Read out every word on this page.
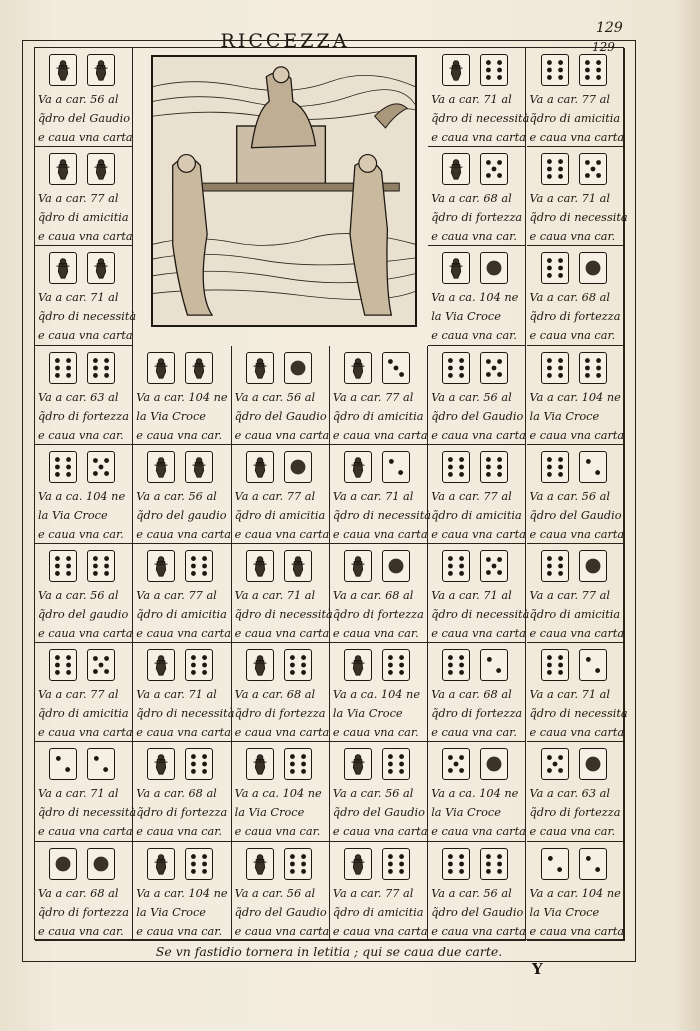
129
129
RICCEZZA
Va a car. 56 al
q̃dro del Gaudio
e caua vna carta
Va a car. 77 al
q̃dro di amicitia
e caua vna carta
Va a car. 71 al
q̃dro di necessità
e caua vna carta
Va a car. 71 al
q̃dro di necessità
e caua vna carta
Va a car. 77 al
q̃dro di amicitia
e caua vna carta
Va a car. 68 al
q̃dro di fortezza
e caua vna car.
Va a car. 71 al
q̃dro di necessità
e caua vna car.
Va a ca. 104 ne
la Via Croce
e caua vna car.
Va a car. 68 al
q̃dro di fortezza
e caua vna car.
Va a car. 63 al
q̃dro di fortezza
e caua vna car.
Va a car. 104 ne
la Via Croce
e caua vna car.
Va a car. 56 al
q̃dro del Gaudio
e caua vna carta
Va a car. 77 al
q̃dro di amicitia
e caua vna carta
Va a car. 56 al
q̃dro del Gaudio
e caua vna carta
Va a car. 104 ne
la Via Croce
e caua vna carta
Va a ca. 104 ne
la Via Croce
e caua vna car.
Va a car. 56 al
q̃dro del gaudio
e caua vna carta
Va a car. 77 al
q̃dro di amicitia
e caua vna carta
Va a car. 71 al
q̃dro di necessità
e caua vna carta
Va a car. 77 al
q̃dro di amicitia
e caua vna carta
Va a car. 56 al
q̃dro del Gaudio
e caua vna carta
Va a car. 56 al
q̃dro del gaudio
e caua vna carta
Va a car. 77 al
q̃dro di amicitia
e caua vna carta
Va a car. 71 al
q̃dro di necessità
e caua vna carta
Va a car. 68 al
q̃dro di fortezza
e caua vna car.
Va a car. 71 al
q̃dro di necessità
e caua vna carta
Va a car. 77 al
q̃dro di amicitia
e caua vna carta
Va a car. 77 al
q̃dro di amicitia
e caua vna carta
Va a car. 71 al
q̃dro di necessità
e caua vna carta
Va a car. 68 al
q̃dro di fortezza
e caua vna carta
Va a ca. 104 ne
la Via Croce
e caua vna car.
Va a car. 68 al
q̃dro di fortezza
e caua vna car.
Va a car. 71 al
q̃dro di necessità
e caua vna carta
Va a car. 71 al
q̃dro di necessità
e caua vna carta
Va a car. 68 al
q̃dro di fortezza
e caua vna car.
Va a ca. 104 ne
la Via Croce
e caua vna car.
Va a car. 56 al
q̃dro del Gaudio
e caua vna carta
Va a ca. 104 ne
la Via Croce
e caua vna carta
Va a car. 63 al
q̃dro di fortezza
e caua vna car.
Va a car. 68 al
q̃dro di fortezza
e caua vna car.
Va a car. 104 ne
la Via Croce
e caua vna car.
Va a car. 56 al
q̃dro del Gaudio
e caua vna carta
Va a car. 77 al
q̃dro di amicitia
e caua vna carta
Va a car. 56 al
q̃dro del Gaudio
e caua vna carta
Va a car. 104 ne
la Via Croce
e caua vna carta
Se vn fastidio tornera in letitia ; qui se caua due carte.
Y
